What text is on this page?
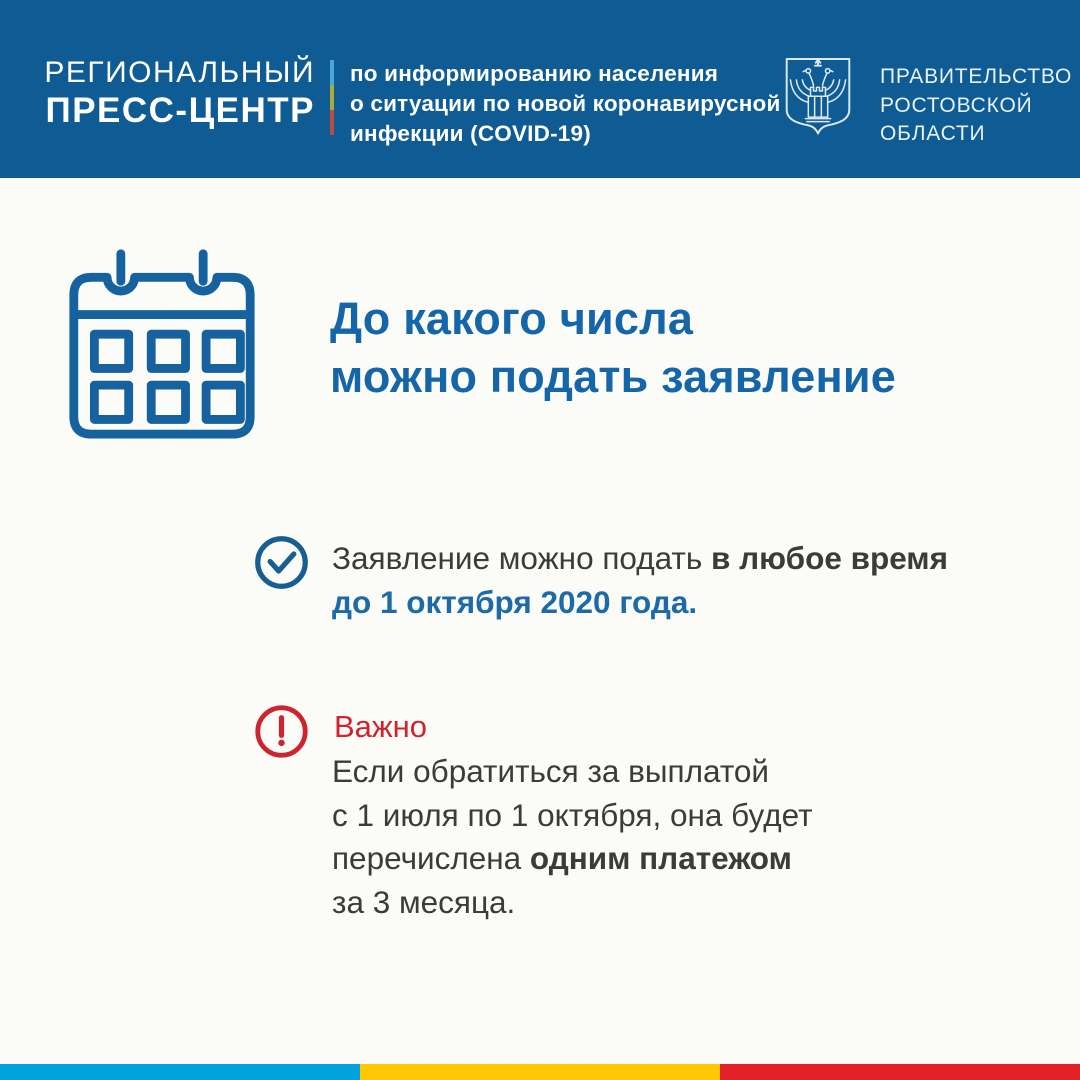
РЕГИОНАЛЬНЫЙ
ПРЕСС-ЦЕНТР
по информированию населения
о ситуации по новой коронавирусной
инфекции (COVID-19)
ПРАВИТЕЛЬСТВО
РОСТОВСКОЙ
ОБЛАСТИ
До какого числа
можно подать заявление
Заявление можно подать в любое время
до 1 октября 2020 года.
Важно
Если обратиться за выплатой
с 1 июля по 1 октября, она будет
перечислена одним платежом
за 3 месяца.
